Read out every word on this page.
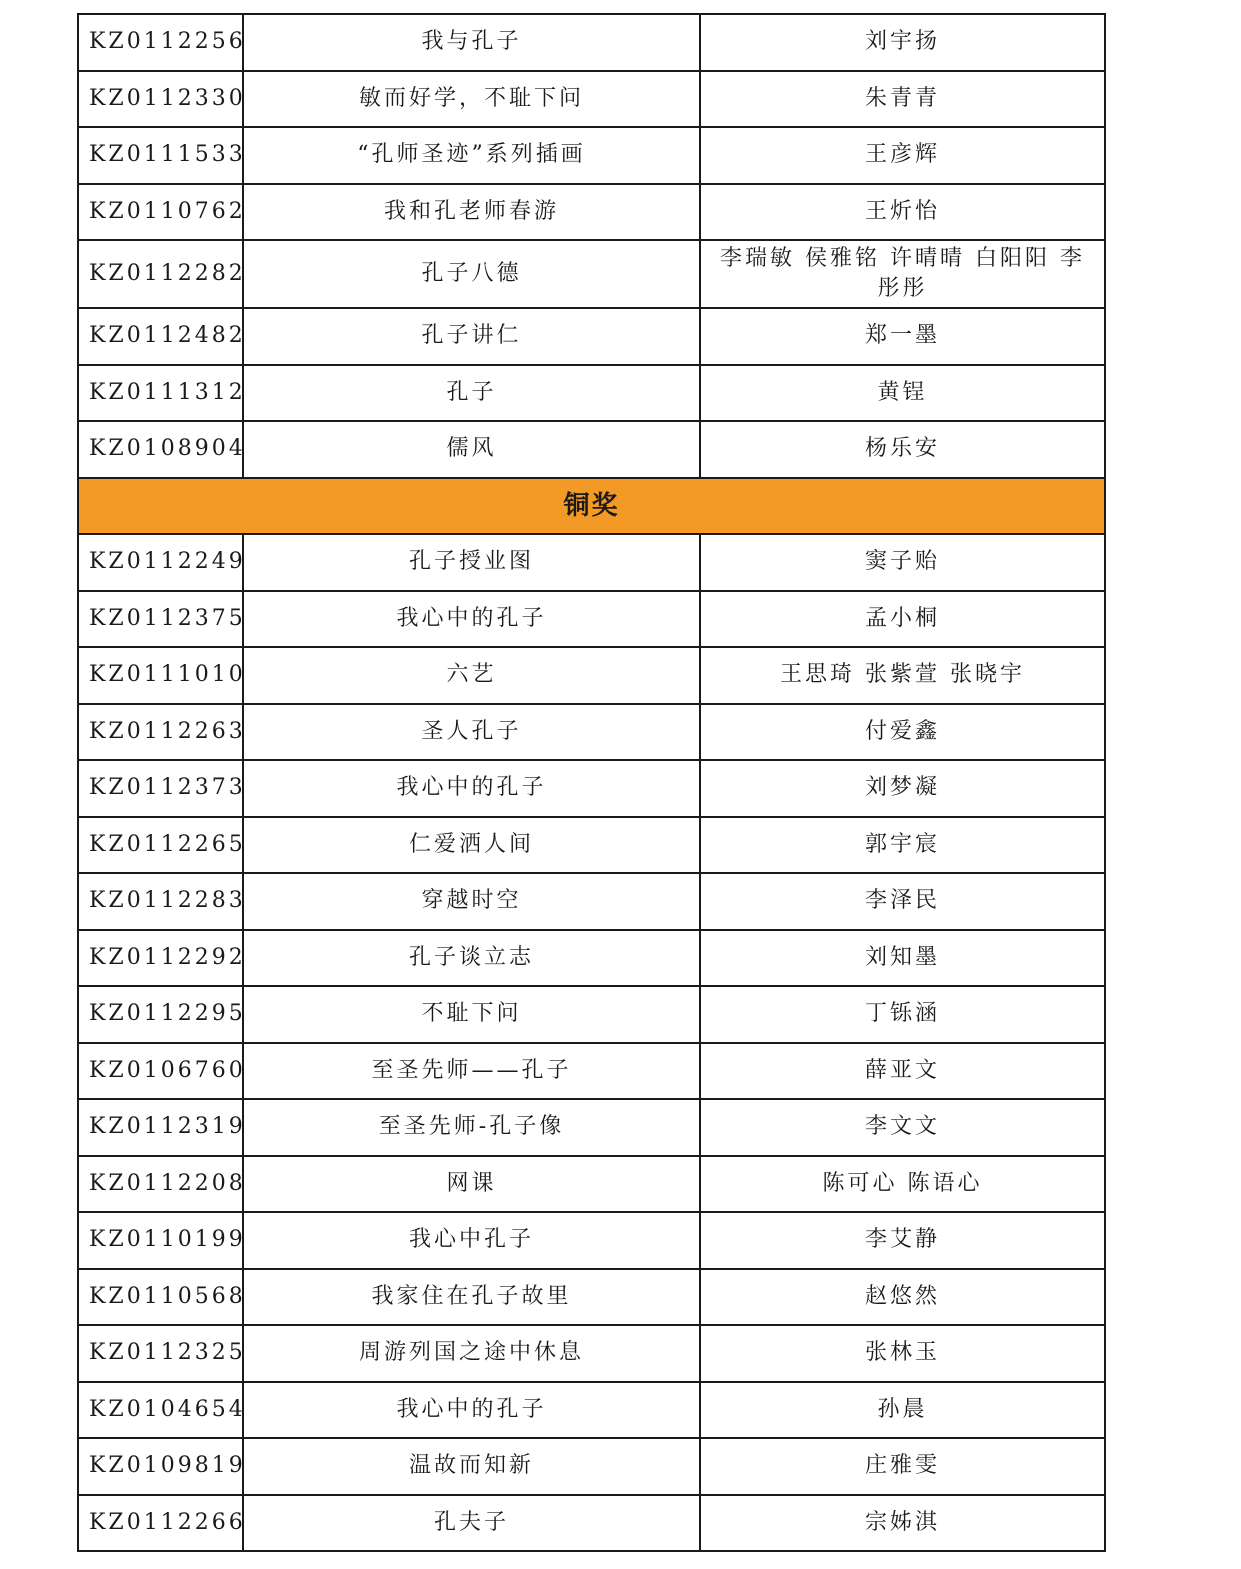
KZ0112256	我与孔子	刘宇扬
KZ0112330	敏而好学，不耻下问	朱青青
KZ0111533	“孔师圣迹”系列插画	王彦辉
KZ0110762	我和孔老师春游	王炘怡
KZ0112282	孔子八德	李瑞敏 侯雅铭 许晴晴 白阳阳 李彤彤
KZ0112482	孔子讲仁	郑一墨
KZ0111312	孔子	黄锃
KZ0108904	儒风	杨乐安
铜奖		
KZ0112249	孔子授业图	窦子贻
KZ0112375	我心中的孔子	孟小桐
KZ0111010	六艺	王思琦 张紫萱 张晓宇
KZ0112263	圣人孔子	付爱鑫
KZ0112373	我心中的孔子	刘梦凝
KZ0112265	仁爱洒人间	郭宇宸
KZ0112283	穿越时空	李泽民
KZ0112292	孔子谈立志	刘知墨
KZ0112295	不耻下问	丁铄涵
KZ0106760	至圣先师——孔子	薛亚文
KZ0112319	至圣先师-孔子像	李文文
KZ0112208	网课	陈可心 陈语心
KZ0110199	我心中孔子	李艾静
KZ0110568	我家住在孔子故里	赵悠然
KZ0112325	周游列国之途中休息	张林玉
KZ0104654	我心中的孔子	孙晨
KZ0109819	温故而知新	庄雅雯
KZ0112266	孔夫子	宗姊淇
